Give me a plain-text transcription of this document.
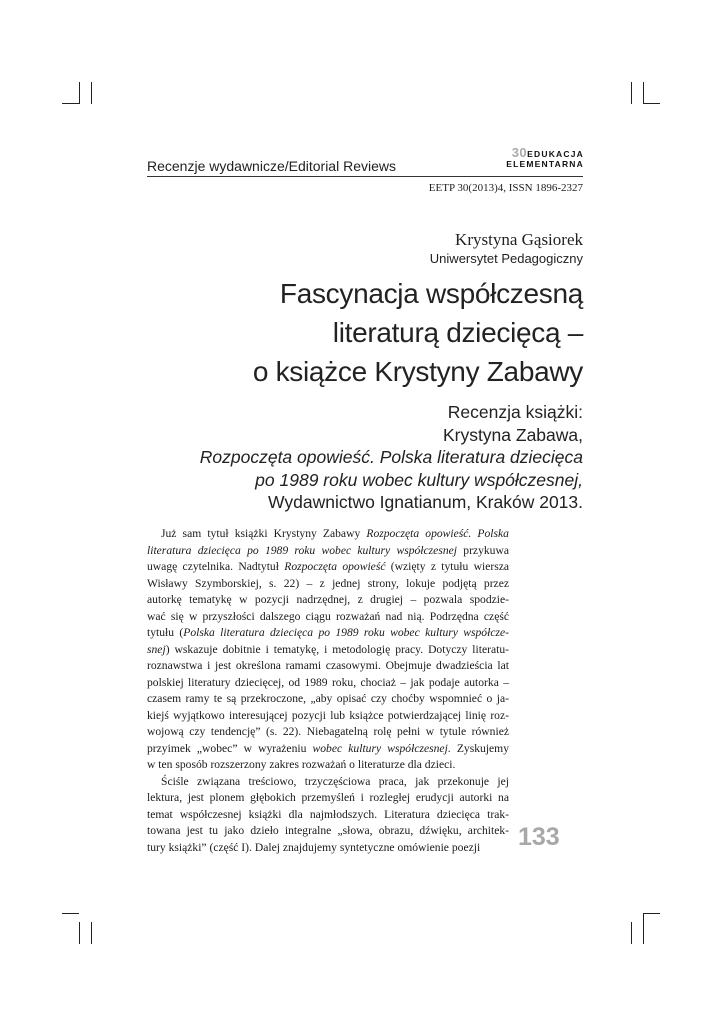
Recenzje wydawnicze/Editorial Reviews
30EDUKACJA
ELEMENTARNA
EETP 30(2013)4, ISSN 1896-2327
Krystyna Gąsiorek
Uniwersytet Pedagogiczny
Fascynacja współczesną
literaturą dziecięcą –
o książce Krystyny Zabawy
Recenzja książki:
Krystyna Zabawa,
Rozpoczęta opowieść. Polska literatura dziecięca
po 1989 roku wobec kultury współczesnej,
Wydawnictwo Ignatianum, Kraków 2013.

Już sam tytuł książki Krystyny Zabawy Rozpoczęta opowieść. Polska
literatura dziecięca po 1989 roku wobec kultury współczesnej przykuwa
uwagę czytelnika. Nadtytuł Rozpoczęta opowieść (wzięty z tytułu wiersza
Wisławy Szymborskiej, s. 22) – z jednej strony, lokuje podjętą przez
autorkę tematykę w pozycji nadrzędnej, z drugiej – pozwala spodzie-
wać się w przyszłości dalszego ciągu rozważań nad nią. Podrzędna część
tytułu (Polska literatura dziecięca po 1989 roku wobec kultury współcze-
snej) wskazuje dobitnie i tematykę, i metodologię pracy. Dotyczy literatu-
roznawstwa i jest określona ramami czasowymi. Obejmuje dwadzieścia lat
polskiej literatury dziecięcej, od 1989 roku, chociaż – jak podaje autorka –
czasem ramy te są przekroczone, „aby opisać czy choćby wspomnieć o ja-
kiejś wyjątkowo interesującej pozycji lub książce potwierdzającej linię roz-
wojową czy tendencję” (s. 22). Niebagatelną rolę pełni w tytule również
przyimek „wobec” w wyrażeniu wobec kultury współczesnej. Zyskujemy
w ten sposób rozszerzony zakres rozważań o literaturze dla dzieci.

Ściśle związana treściowo, trzyczęściowa praca, jak przekonuje jej
lektura, jest plonem głębokich przemyśleń i rozległej erudycji autorki na
temat współczesnej książki dla najmłodszych. Literatura dziecięca trak-
towana jest tu jako dzieło integralne „słowa, obrazu, dźwięku, architek-
tury książki” (część I). Dalej znajdujemy syntetyczne omówienie poezji	133
